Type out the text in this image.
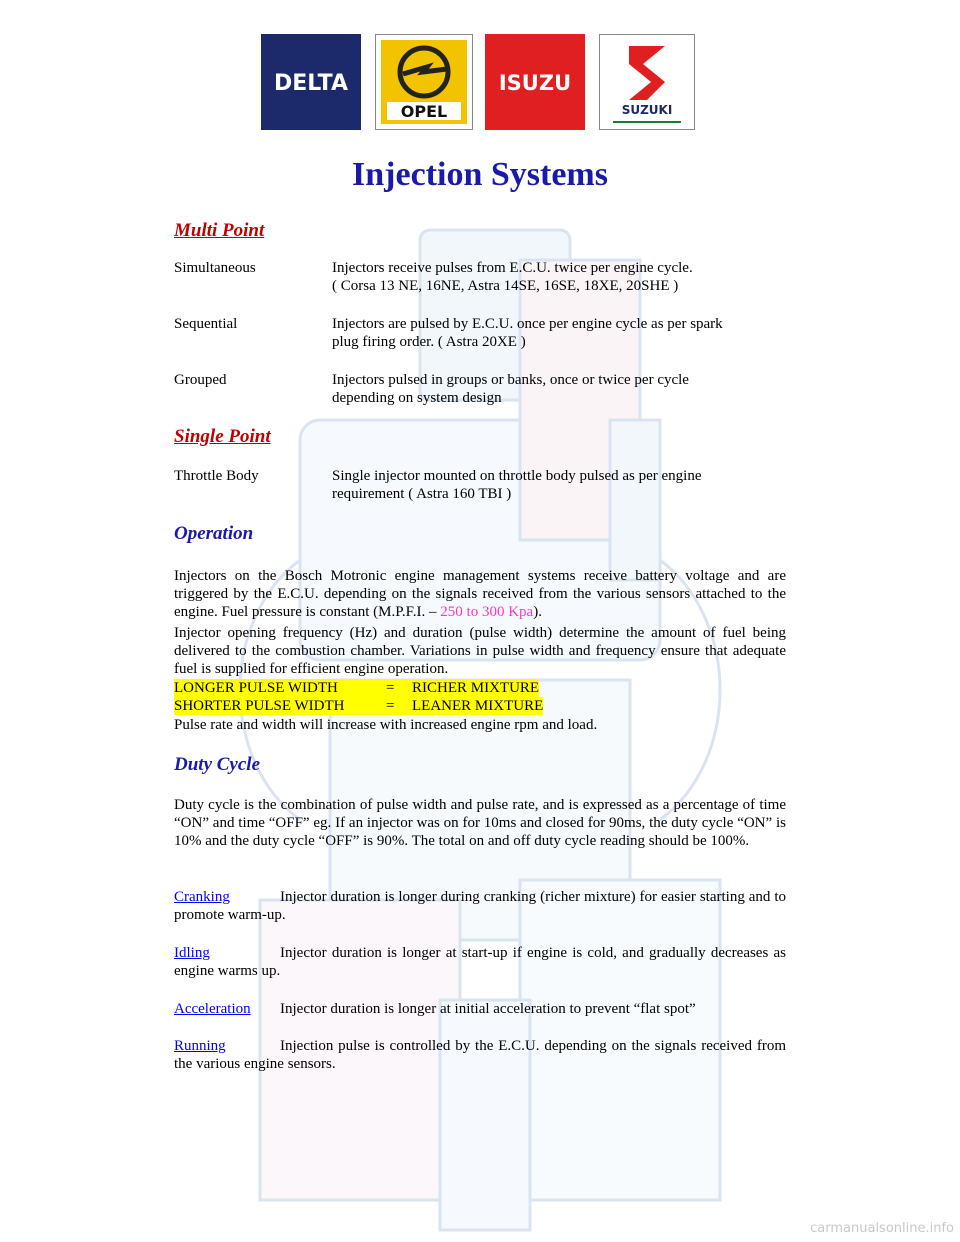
DELTA
OPEL
ISUZU
SUZUKI
Injection Systems
Multi Point
Simultaneous	Injectors receive pulses from E.C.U. twice per engine cycle.
( Corsa 13 NE, 16NE, Astra 14SE, 16SE, 18XE, 20SHE )
Sequential	Injectors are pulsed by E.C.U. once per engine cycle as per spark
plug firing order. ( Astra 20XE )
Grouped	Injectors pulsed in groups or banks, once or twice per cycle
depending on system design
Single Point
Throttle Body	Single injector mounted on throttle body pulsed as per engine
requirement ( Astra 160 TBI )
Operation

Injectors on the Bosch Motronic engine management systems receive battery voltage and are triggered by the E.C.U. depending on the signals received from the various sensors attached to the engine. Fuel pressure is constant (M.P.F.I. – 250 to 300 Kpa).

Injector opening frequency (Hz) and duration (pulse width) determine the amount of fuel being delivered to the combustion chamber. Variations in pulse width and frequency ensure that adequate fuel is supplied for efficient engine operation.

LONGER PULSE WIDTH	= RICHER MIXTURE
SHORTER PULSE WIDTH	= LEANER MIXTURE

Pulse rate and width will increase with increased engine rpm and load.

Duty Cycle

Duty cycle is the combination of pulse width and pulse rate, and is expressed as a percentage of time “ON” and time “OFF” eg. If an injector was on for 10ms and closed for 90ms, the duty cycle “ON” is 10% and the duty cycle “OFF” is 90%. The total on and off duty cycle reading should be 100%.

Cranking	Injector duration is longer during cranking (richer mixture) for easier starting and to promote warm-up.

Idling	Injector duration is longer at start-up if engine is cold, and gradually decreases as engine warms up.

Acceleration Injector duration is longer at initial acceleration to prevent “flat spot”

Running	Injection pulse is controlled by the E.C.U. depending on the signals received from the various engine sensors.

carmanualsonline.info
